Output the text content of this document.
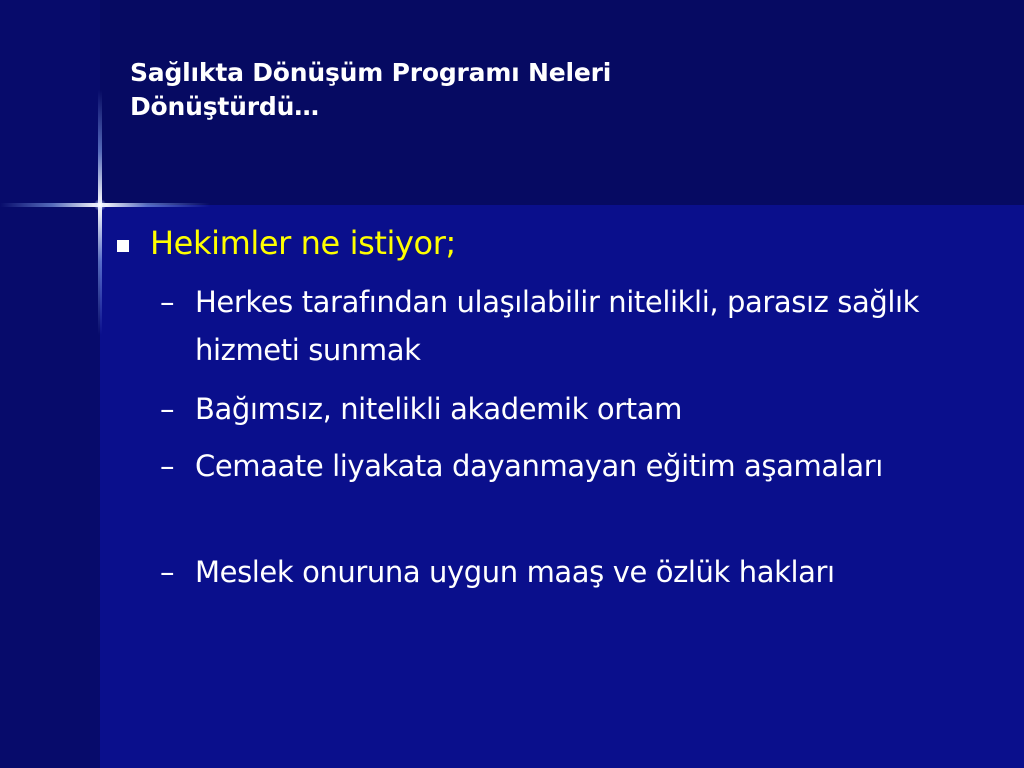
Sağlıkta Dönüşüm Programı Neleri
Dönüştürdü…
Hekimler ne istiyor;
– Herkes tarafından ulaşılabilir nitelikli, parasız sağlık hizmeti sunmak
– Bağımsız, nitelikli akademik ortam
– Cemaate liyakata dayanmayan eğitim aşamaları
– Meslek onuruna uygun maaş ve özlük hakları
